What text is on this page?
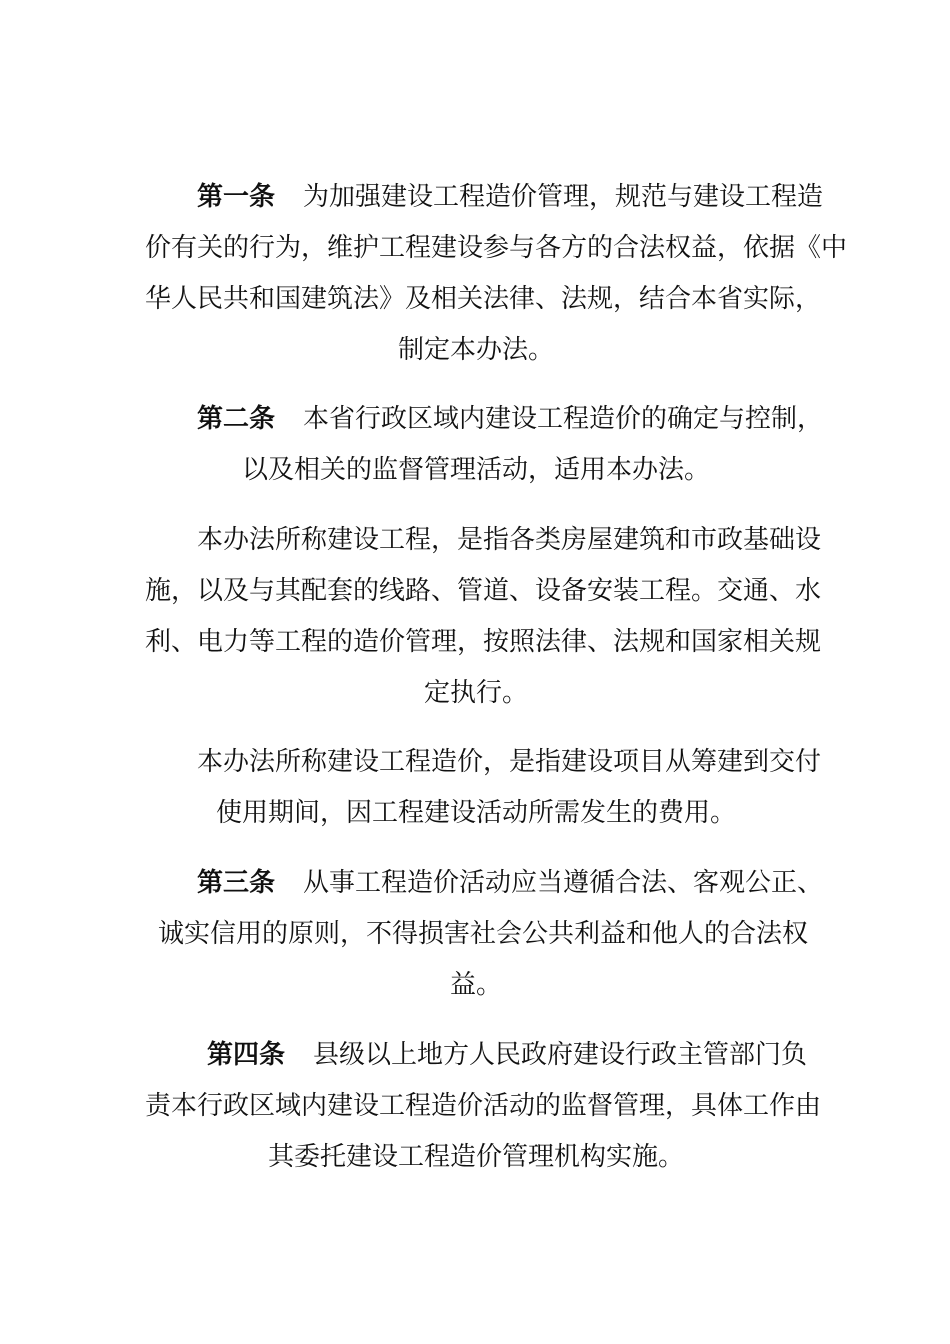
第一条 为加强建设工程造价管理，规范与建设工程造
价有关的行为，维护工程建设参与各方的合法权益，依据《中
华人民共和国建筑法》及相关法律、法规，结合本省实际，
制定本办法。
第二条 本省行政区域内建设工程造价的确定与控制，
以及相关的监督管理活动，适用本办法。
本办法所称建设工程，是指各类房屋建筑和市政基础设
施，以及与其配套的线路、管道、设备安装工程。交通、水
利、电力等工程的造价管理，按照法律、法规和国家相关规
定执行。
本办法所称建设工程造价，是指建设项目从筹建到交付
使用期间，因工程建设活动所需发生的费用。
第三条 从事工程造价活动应当遵循合法、客观公正、
诚实信用的原则，不得损害社会公共利益和他人的合法权
益。
第四条 县级以上地方人民政府建设行政主管部门负
责本行政区域内建设工程造价活动的监督管理，具体工作由
其委托建设工程造价管理机构实施。
